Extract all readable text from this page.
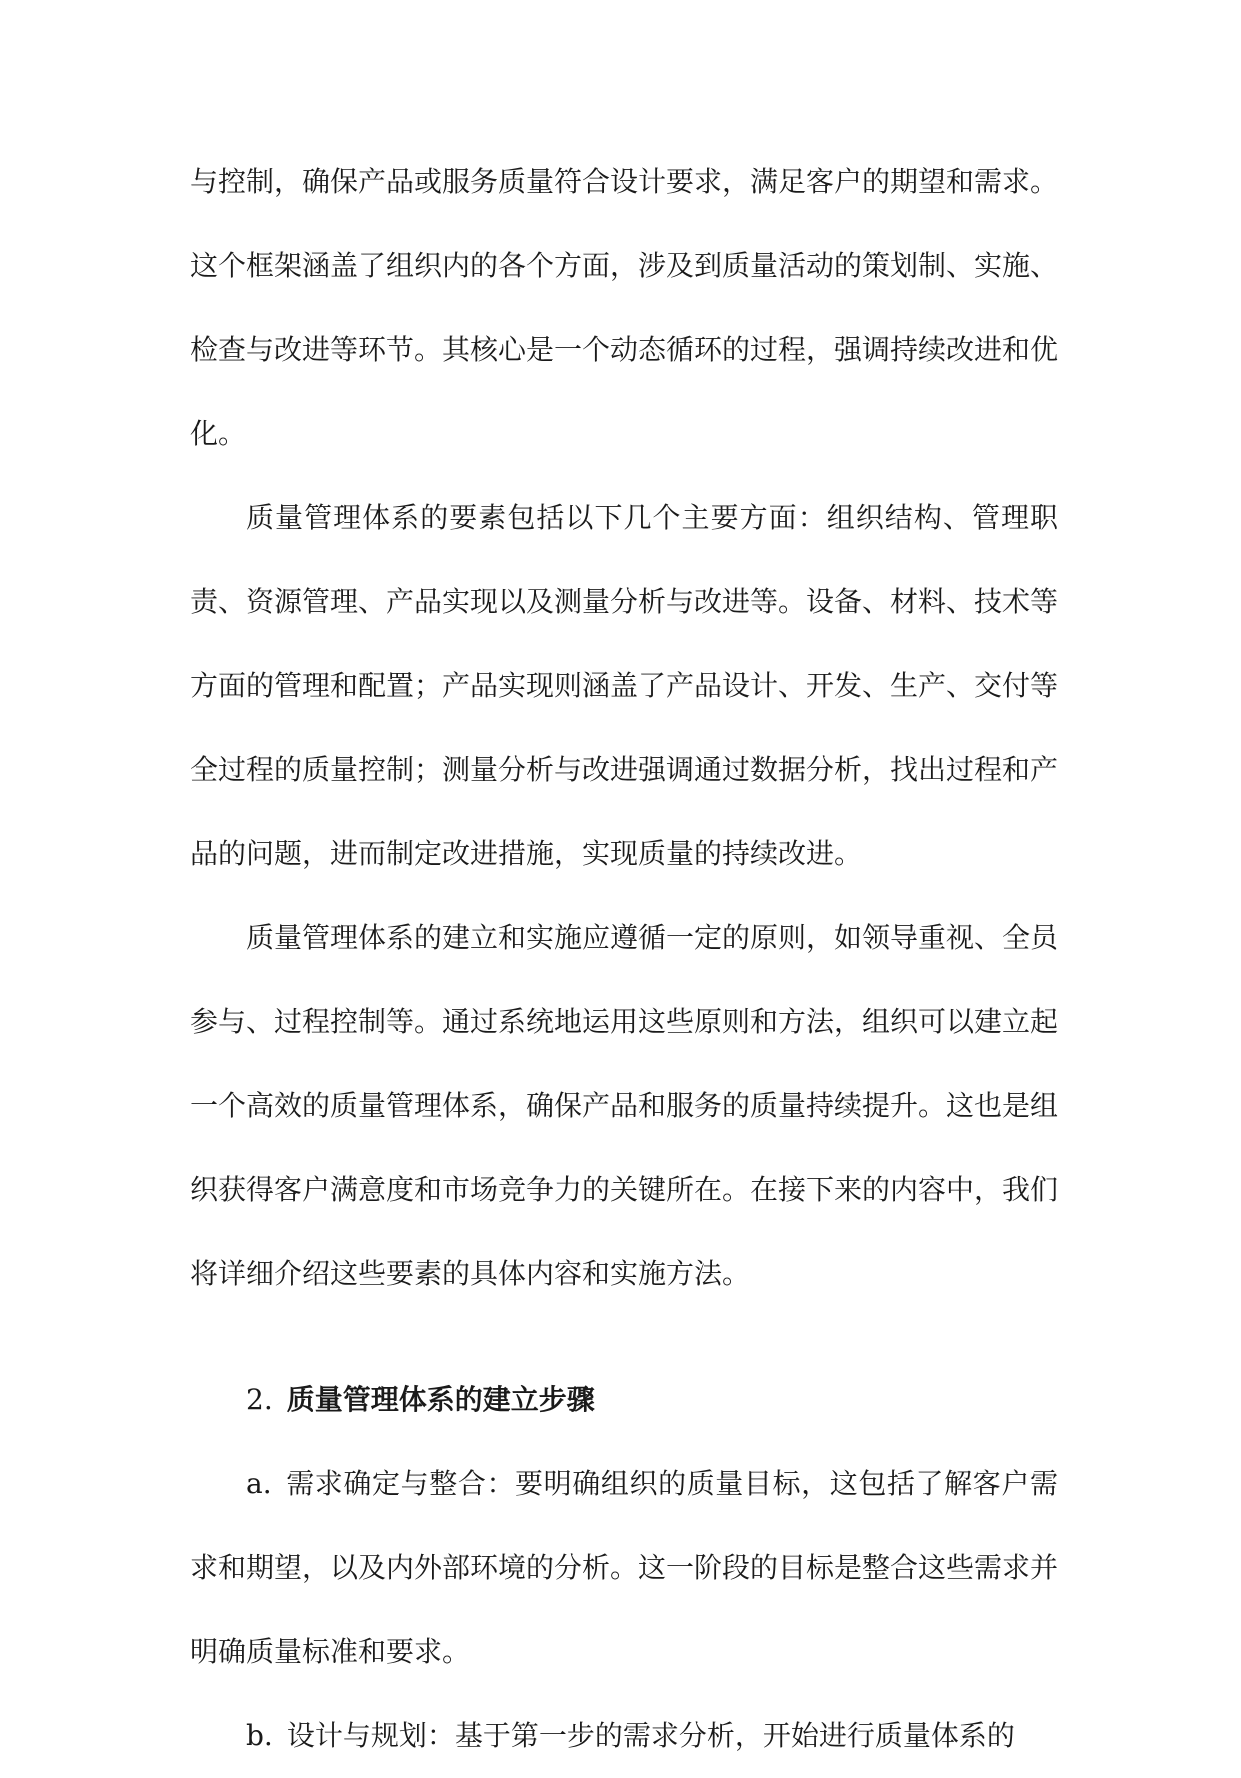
与控制，确保产品或服务质量符合设计要求，满足客户的期望和需求。这个框架涵盖了组织内的各个方面，涉及到质量活动的策划制、实施、检查与改进等环节。其核心是一个动态循环的过程，强调持续改进和优化。

质量管理体系的要素包括以下几个主要方面：组织结构、管理职责、资源管理、产品实现以及测量分析与改进等。设备、材料、技术等方面的管理和配置；产品实现则涵盖了产品设计、开发、生产、交付等全过程的质量控制；测量分析与改进强调通过数据分析，找出过程和产品的问题，进而制定改进措施，实现质量的持续改进。

质量管理体系的建立和实施应遵循一定的原则，如领导重视、全员参与、过程控制等。通过系统地运用这些原则和方法，组织可以建立起一个高效的质量管理体系，确保产品和服务的质量持续提升。这也是组织获得客户满意度和市场竞争力的关键所在。在接下来的内容中，我们将详细介绍这些要素的具体内容和实施方法。

2. 质量管理体系的建立步骤

a. 需求确定与整合：要明确组织的质量目标，这包括了解客户需求和期望，以及内外部环境的分析。这一阶段的目标是整合这些需求并明确质量标准和要求。

b. 设计与规划：基于第一步的需求分析，开始进行质量体系的
